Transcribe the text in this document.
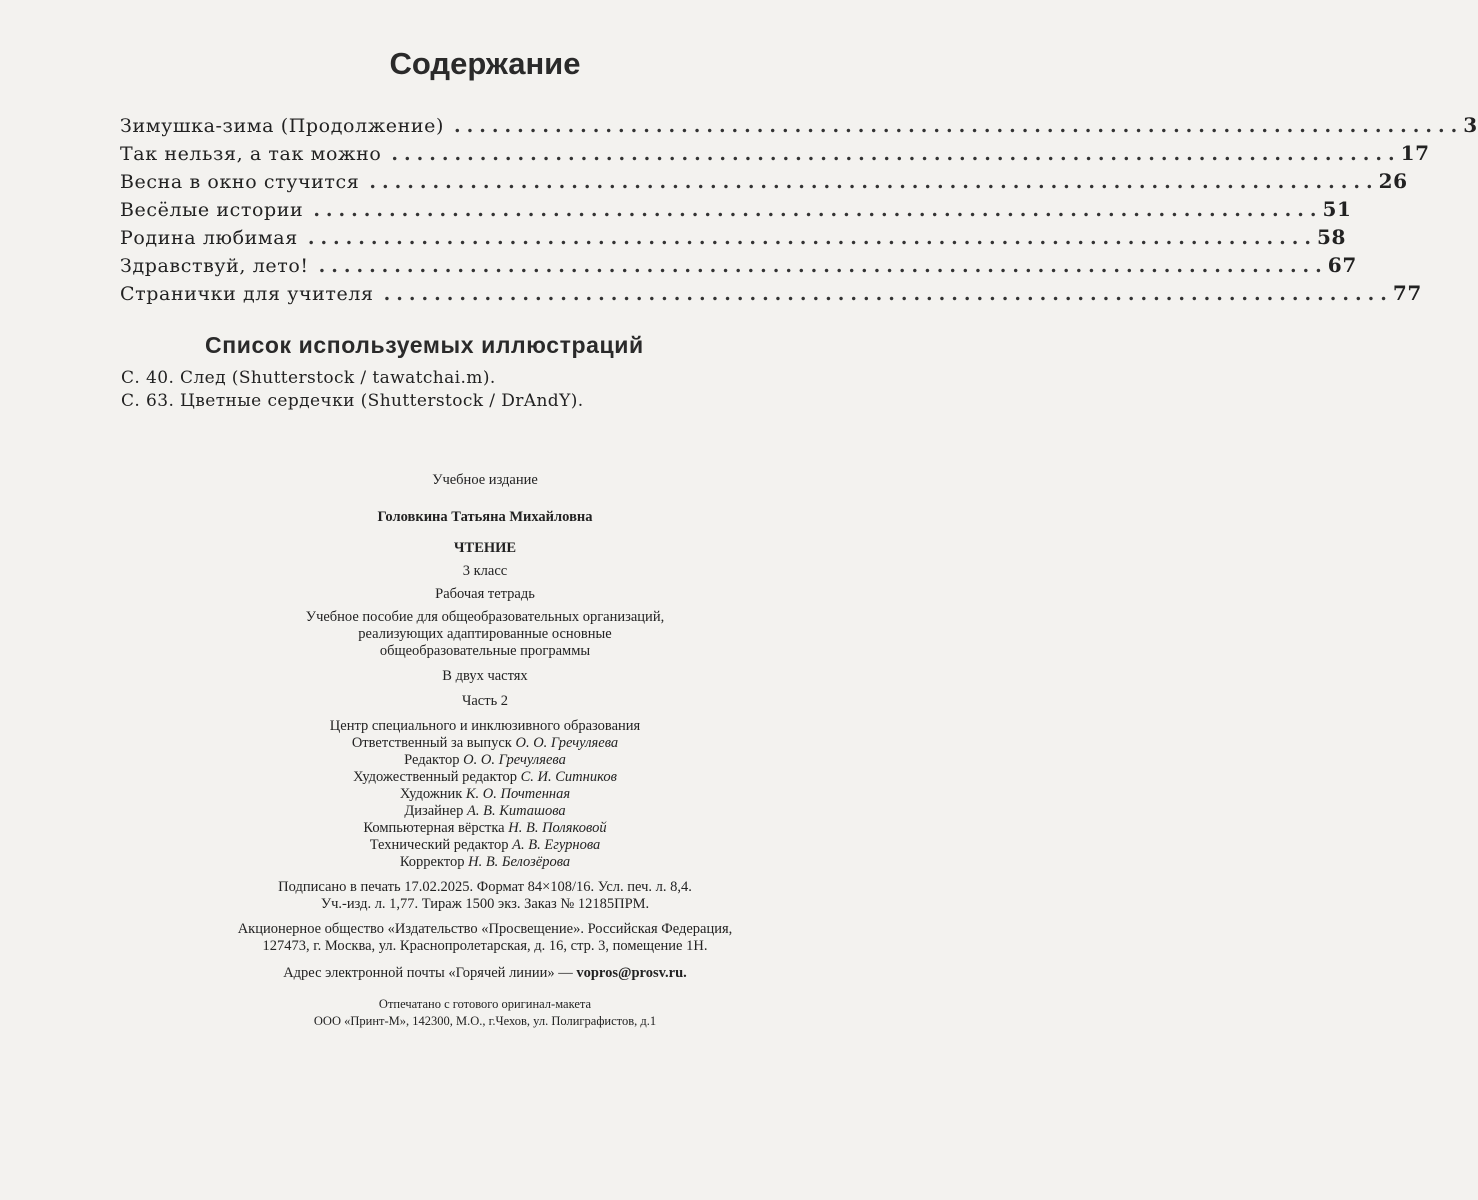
Содержание
Зимушка-зима (Продолжение) ................................................................................ 3
Так нельзя, а так можно ................................................................................ 17
Весна в окно стучится ................................................................................ 26
Весёлые истории ................................................................................ 51
Родина любимая ................................................................................ 58
Здравствуй, лето! ................................................................................ 67
Странички для учителя ................................................................................ 77
Список используемых иллюстраций
С. 40. След (Shutterstock / tawatchai.m).
С. 63. Цветные сердечки (Shutterstock / DrAndY).
Учебное издание
Головкина Татьяна Михайловна
ЧТЕНИЕ
3 класс
Рабочая тетрадь
Учебное пособие для общеобразовательных организаций,
реализующих адаптированные основные
общеобразовательные программы
В двух частях
Часть 2
Центр специального и инклюзивного образования
Ответственный за выпуск О. О. Гречуляева
Редактор О. О. Гречуляева
Художественный редактор С. И. Ситников
Художник К. О. Почтенная
Дизайнер А. В. Киташова
Компьютерная вёрстка Н. В. Поляковой
Технический редактор А. В. Егурнова
Корректор Н. В. Белозёрова
Подписано в печать 17.02.2025. Формат 84×108/16. Усл. печ. л. 8,4.
Уч.-изд. л. 1,77. Тираж 1500 экз. Заказ № 12185ПРМ.
Акционерное общество «Издательство «Просвещение». Российская Федерация,
127473, г. Москва, ул. Краснопролетарская, д. 16, стр. 3, помещение 1Н.
Адрес электронной почты «Горячей линии» — vopros@prosv.ru.
Отпечатано с готового оригинал-макета
ООО «Принт-М», 142300, М.О., г.Чехов, ул. Полиграфистов, д.1
